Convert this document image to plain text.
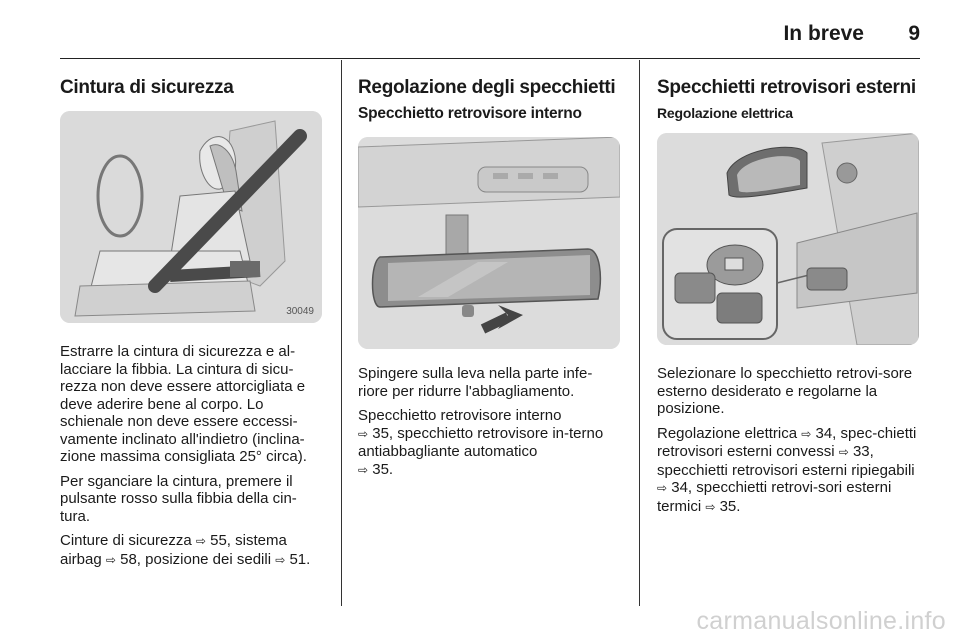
In breve 9
Cintura di sicurezza
30049

Estrarre la cintura di sicurezza e al-lacciare la fibbia. La cintura di sicu-rezza non deve essere attorcigliata e deve aderire bene al corpo. Lo schienale non deve essere eccessi-vamente inclinato all'indietro (inclina-zione massima consigliata 25° circa).

Per sganciare la cintura, premere il pulsante rosso sulla fibbia della cin-tura.

Cinture di sicurezza ⇨ 55, sistema airbag ⇨ 58, posizione dei sedili ⇨ 51.

Regolazione degli specchietti
Specchietto retrovisore interno

Spingere sulla leva nella parte infe-riore per ridurre l'abbagliamento.

Specchietto retrovisore interno
⇨ 35, specchietto retrovisore in-terno antiabbagliante automatico
⇨ 35.

Specchietti retrovisori esterni
Regolazione elettrica

Selezionare lo specchietto retrovi-sore esterno desiderato e regolarne la posizione.

Regolazione elettrica ⇨ 34, spec-chietti retrovisori esterni convessi ⇨ 33, specchietti retrovisori esterni ripiegabili ⇨ 34, specchietti retrovi-sori esterni termici ⇨ 35.

carmanualsonline.info
